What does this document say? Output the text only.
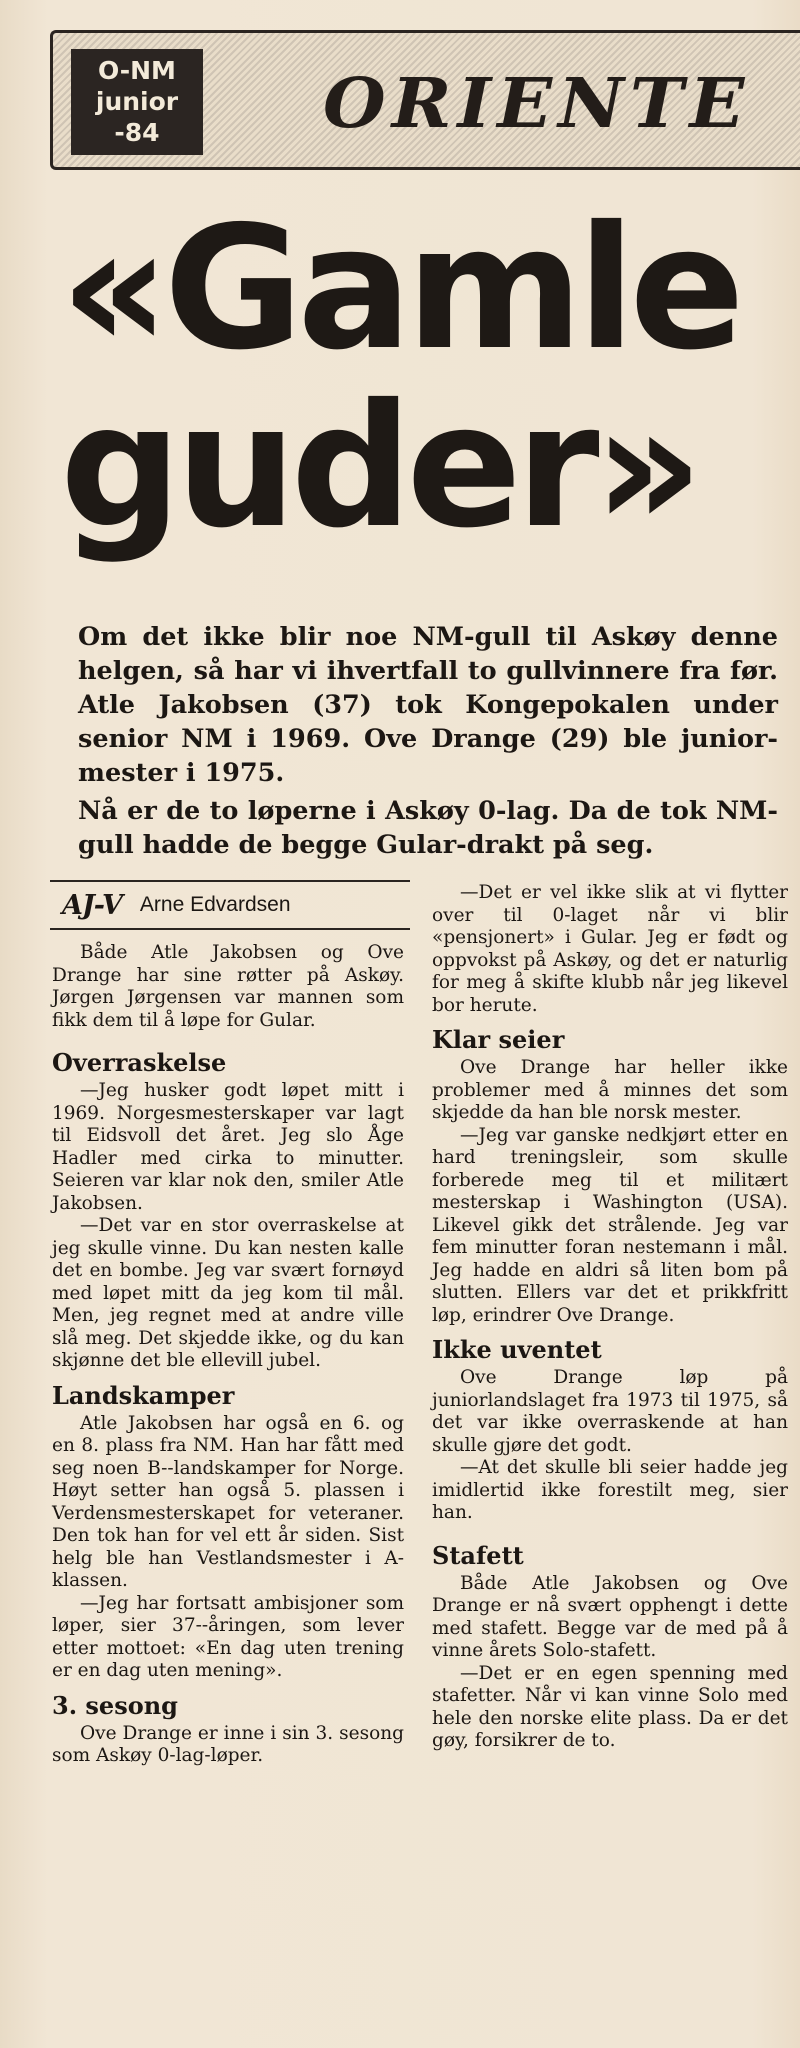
O-NM
junior
-84	ORIENTE
«Gamle
guder»

Om det ikke blir noe NM-gull til Askøy denne helgen, så har vi ihvertfall to gullvinnere fra før. Atle Jakobsen (37) tok Kongepokalen under senior NM i 1969. Ove Drange (29) ble junior-mester i 1975.

Nå er de to løperne i Askøy 0-lag. Da de tok NM-gull hadde de begge Gular-drakt på seg.

AJ-V Arne Edvardsen

Både Atle Jakobsen og Ove Drange har sine røtter på Askøy. Jørgen Jørgensen var mannen som fikk dem til å løpe for Gular.

Overraskelse

—Jeg husker godt løpet mitt i 1969. Norgesmesterskaper var lagt til Eidsvoll det året. Jeg slo Åge Hadler med cirka to minutter. Seieren var klar nok den, smiler Atle Jakobsen.

—Det var en stor overraskelse at jeg skulle vinne. Du kan nesten kalle det en bombe. Jeg var svært fornøyd med løpet mitt da jeg kom til mål. Men, jeg regnet med at andre ville slå meg. Det skjedde ikke, og du kan skjønne det ble ellevill jubel.

Landskamper

Atle Jakobsen har også en 6. og en 8. plass fra NM. Han har fått med seg noen B--landskamper for Norge. Høyt setter han også 5. plassen i Verdensmesterskapet for veteraner. Den tok han for vel ett år siden. Sist helg ble han Vestlandsmester i A-klassen.

—Jeg har fortsatt ambisjoner som løper, sier 37--åringen, som lever etter mottoet: «En dag uten trening er en dag uten mening».

3. sesong

Ove Drange er inne i sin 3. sesong som Askøy 0-lag-løper.

—Det er vel ikke slik at vi flytter over til 0-laget når vi blir «pensjonert» i Gular. Jeg er født og oppvokst på Askøy, og det er naturlig for meg å skifte klubb når jeg likevel bor herute.

Klar seier

Ove Drange har heller ikke problemer med å minnes det som skjedde da han ble norsk mester.

—Jeg var ganske nedkjørt etter en hard treningsleir, som skulle forberede meg til et militært mesterskap i Washington (USA). Likevel gikk det strålende. Jeg var fem minutter foran nestemann i mål. Jeg hadde en aldri så liten bom på slutten. Ellers var det et prikkfritt løp, erindrer Ove Drange.

Ikke uventet

Ove Drange løp på juniorlandslaget fra 1973 til 1975, så det var ikke overraskende at han skulle gjøre det godt.

—At det skulle bli seier hadde jeg imidlertid ikke forestilt meg, sier han.

Stafett

Både Atle Jakobsen og Ove Drange er nå svært opphengt i dette med stafett. Begge var de med på å vinne årets Solo-stafett.

—Det er en egen spenning med stafetter. Når vi kan vinne Solo med hele den norske elite plass. Da er det gøy, forsikrer de to.
